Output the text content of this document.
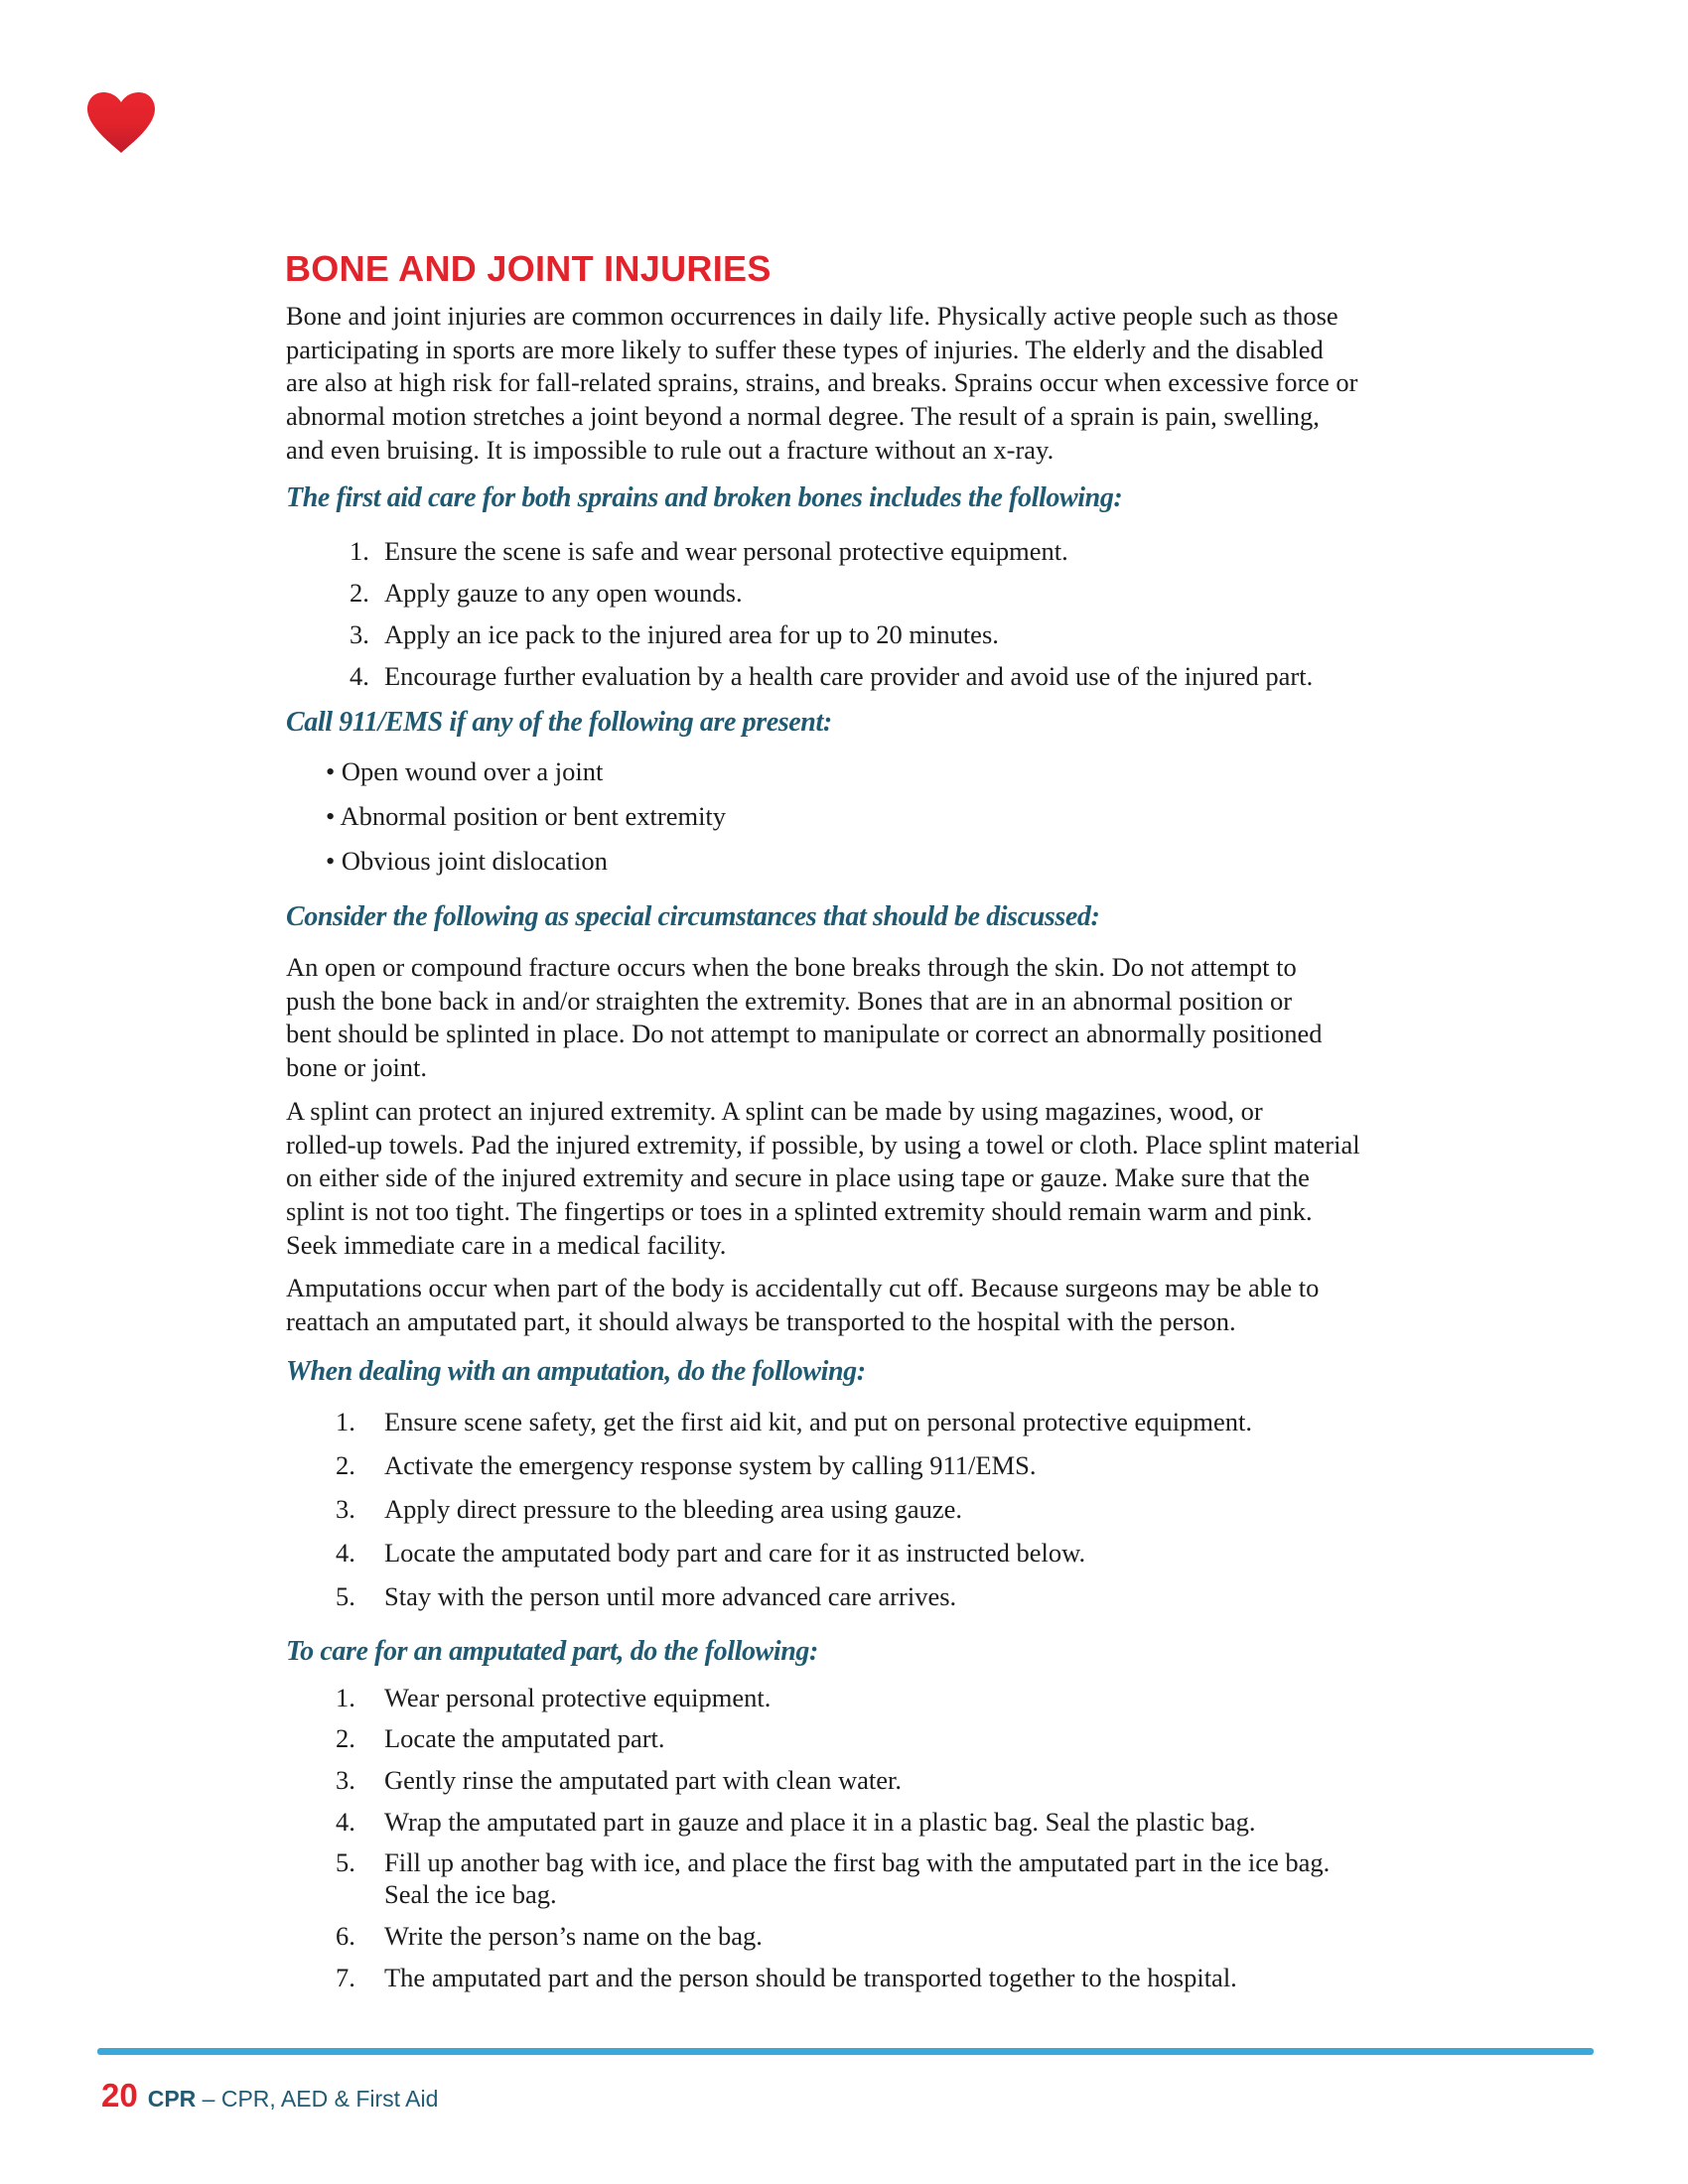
BONE AND JOINT INJURIES
Bone and joint injuries are common occurrences in daily life. Physically active people such as those
participating in sports are more likely to suffer these types of injuries. The elderly and the disabled
are also at high risk for fall-related sprains, strains, and breaks. Sprains occur when excessive force or
abnormal motion stretches a joint beyond a normal degree. The result of a sprain is pain, swelling,
and even bruising. It is impossible to rule out a fracture without an x-ray.
The first aid care for both sprains and broken bones includes the following:
1. Ensure the scene is safe and wear personal protective equipment.
2. Apply gauze to any open wounds.
3. Apply an ice pack to the injured area for up to 20 minutes.
4. Encourage further evaluation by a health care provider and avoid use of the injured part.
Call 911/EMS if any of the following are present:
• Open wound over a joint
• Abnormal position or bent extremity
• Obvious joint dislocation
Consider the following as special circumstances that should be discussed:
An open or compound fracture occurs when the bone breaks through the skin. Do not attempt to
push the bone back in and/or straighten the extremity. Bones that are in an abnormal position or
bent should be splinted in place. Do not attempt to manipulate or correct an abnormally positioned
bone or joint.
A splint can protect an injured extremity. A splint can be made by using magazines, wood, or
rolled-up towels. Pad the injured extremity, if possible, by using a towel or cloth. Place splint material
on either side of the injured extremity and secure in place using tape or gauze. Make sure that the
splint is not too tight. The fingertips or toes in a splinted extremity should remain warm and pink.
Seek immediate care in a medical facility.
Amputations occur when part of the body is accidentally cut off. Because surgeons may be able to
reattach an amputated part, it should always be transported to the hospital with the person.
When dealing with an amputation, do the following:
1. Ensure scene safety, get the first aid kit, and put on personal protective equipment.
2. Activate the emergency response system by calling 911/EMS.
3. Apply direct pressure to the bleeding area using gauze.
4. Locate the amputated body part and care for it as instructed below.
5. Stay with the person until more advanced care arrives.
To care for an amputated part, do the following:
1. Wear personal protective equipment.
2. Locate the amputated part.
3. Gently rinse the amputated part with clean water.
4. Wrap the amputated part in gauze and place it in a plastic bag. Seal the plastic bag.
5. Fill up another bag with ice, and place the first bag with the amputated part in the ice bag.
Seal the ice bag.
6. Write the person’s name on the bag.
7. The amputated part and the person should be transported together to the hospital.
20 CPR – CPR, AED & First Aid
